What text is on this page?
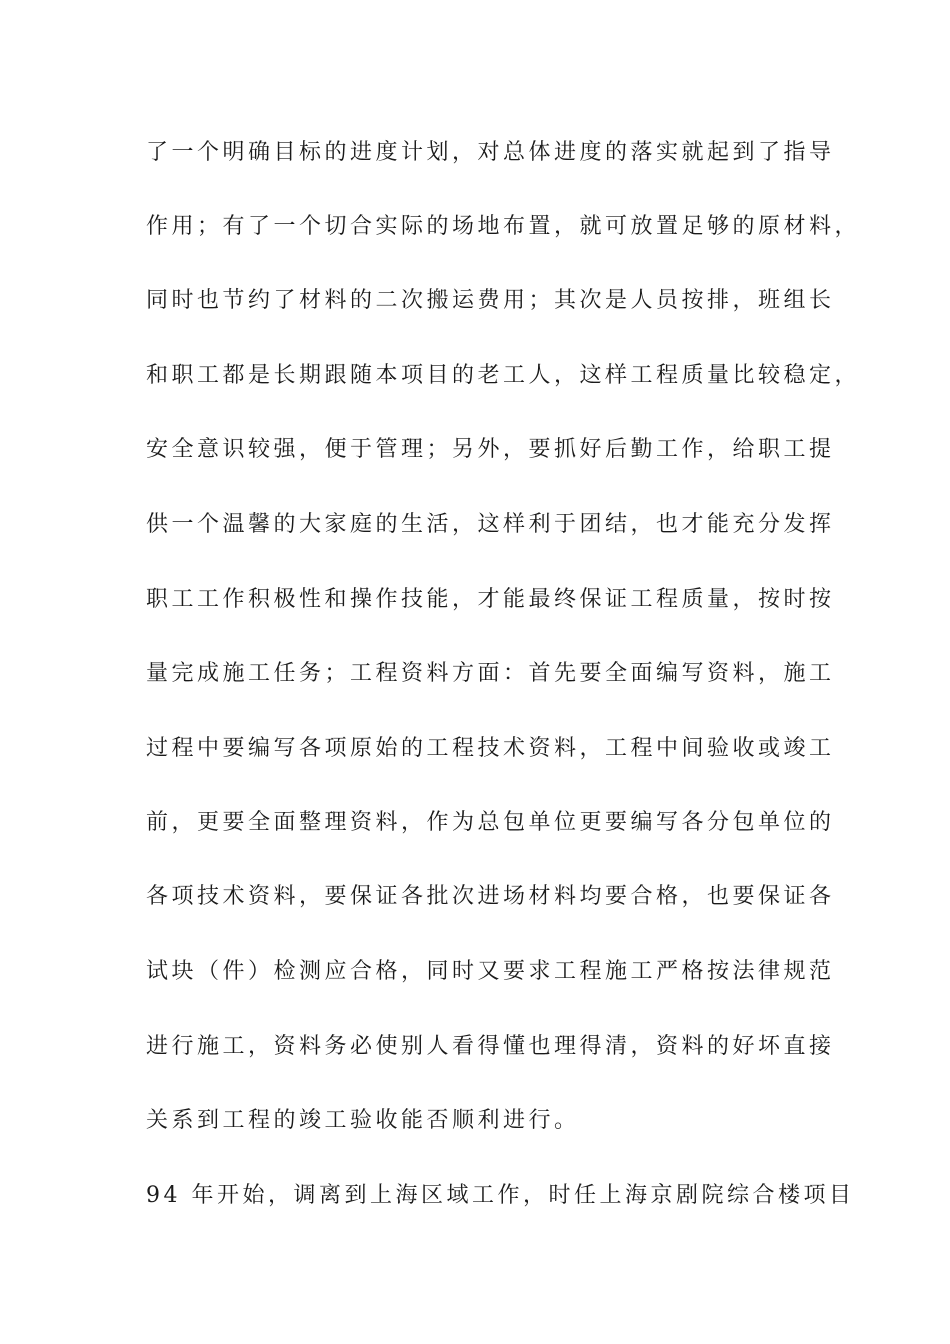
了一个明确目标的进度计划，对总体进度的落实就起到了指导
作用；有了一个切合实际的场地布置，就可放置足够的原材料，
同时也节约了材料的二次搬运费用；其次是人员按排，班组长
和职工都是长期跟随本项目的老工人，这样工程质量比较稳定，
安全意识较强，便于管理；另外，要抓好后勤工作，给职工提
供一个温馨的大家庭的生活，这样利于团结，也才能充分发挥
职工工作积极性和操作技能，才能最终保证工程质量，按时按
量完成施工任务；工程资料方面：首先要全面编写资料，施工
过程中要编写各项原始的工程技术资料，工程中间验收或竣工
前，更要全面整理资料，作为总包单位更要编写各分包单位的
各项技术资料，要保证各批次进场材料均要合格，也要保证各
试块（件）检测应合格，同时又要求工程施工严格按法律规范
进行施工，资料务必使别人看得懂也理得清，资料的好坏直接
关系到工程的竣工验收能否顺利进行。
94 年开始，调离到上海区域工作，时任上海京剧院综合楼项目
